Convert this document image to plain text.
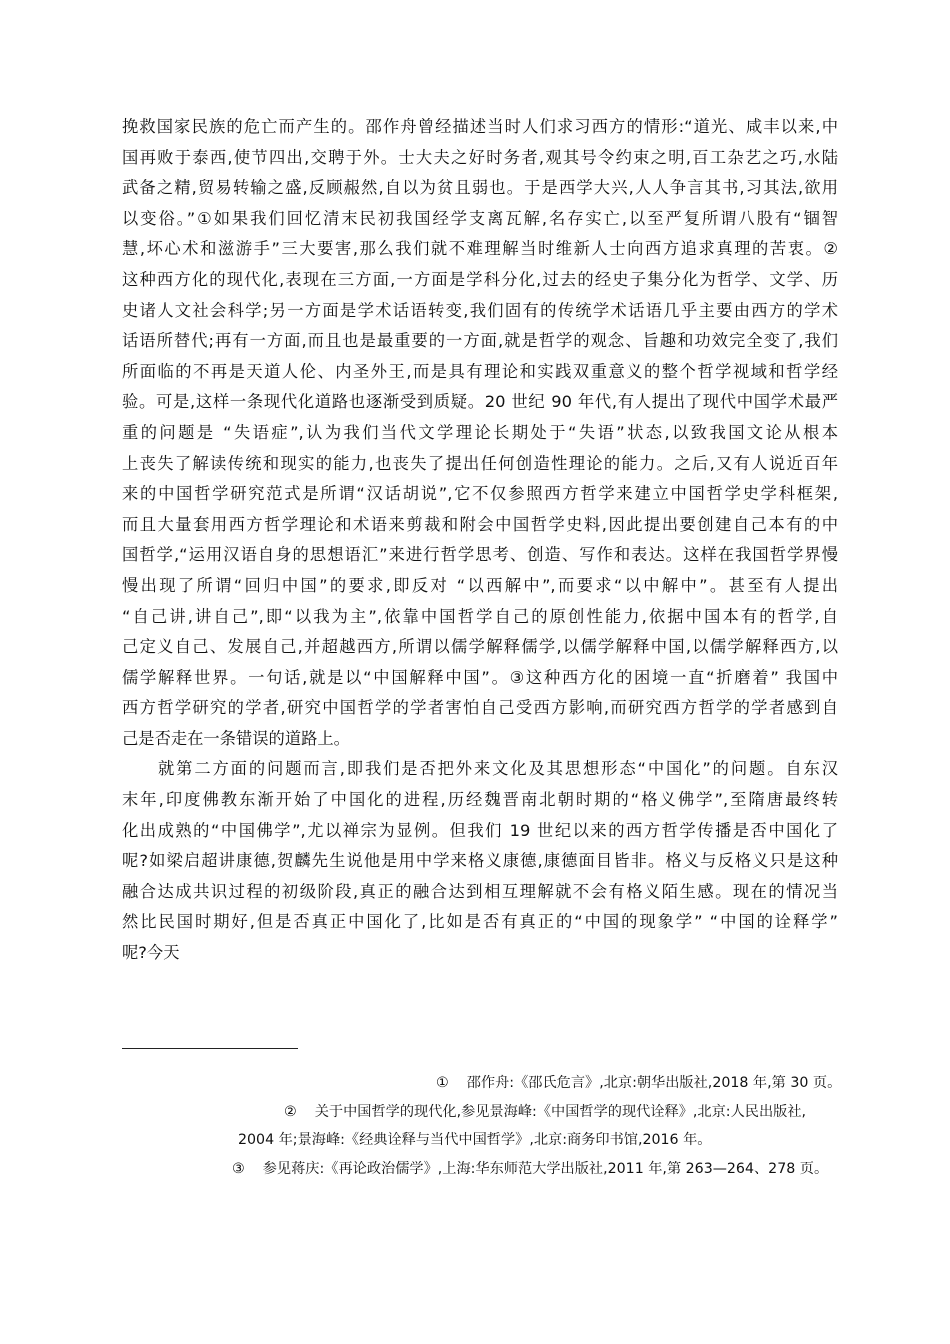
挽救国家民族的危亡而产生的。邵作舟曾经描述当时人们求习西方的情形:“道光、咸丰以来,中
国再败于泰西,使节四出,交聘于外。士大夫之好时务者,观其号令约束之明,百工杂艺之巧,水陆
武备之精,贸易转输之盛,反顾赧然,自以为贫且弱也。于是西学大兴,人人争言其书,习其法,欲用
以变俗。”①如果我们回忆清末民初我国经学支离瓦解,名存实亡,以至严复所谓八股有“锢智
慧,坏心术和滋游手”三大要害,那么我们就不难理解当时维新人士向西方追求真理的苦衷。②
这种西方化的现代化,表现在三方面,一方面是学科分化,过去的经史子集分化为哲学、文学、历
史诸人文社会科学;另一方面是学术话语转变,我们固有的传统学术话语几乎主要由西方的学术
话语所替代;再有一方面,而且也是最重要的一方面,就是哲学的观念、旨趣和功效完全变了,我们
所面临的不再是天道人伦、内圣外王,而是具有理论和实践双重意义的整个哲学视域和哲学经
验。可是,这样一条现代化道路也逐渐受到质疑。20 世纪 90 年代,有人提出了现代中国学术最严
重的问题是 “失语症”,认为我们当代文学理论长期处于“失语”状态,以致我国文论从根本
上丧失了解读传统和现实的能力,也丧失了提出任何创造性理论的能力。之后,又有人说近百年
来的中国哲学研究范式是所谓“汉话胡说”,它不仅参照西方哲学来建立中国哲学史学科框架,
而且大量套用西方哲学理论和术语来剪裁和附会中国哲学史料,因此提出要创建自己本有的中
国哲学,“运用汉语自身的思想语汇”来进行哲学思考、创造、写作和表达。这样在我国哲学界慢
慢出现了所谓“回归中国”的要求,即反对 “以西解中”,而要求“以中解中”。甚至有人提出
“自己讲,讲自己”,即“以我为主”,依靠中国哲学自己的原创性能力,依据中国本有的哲学,自
己定义自己、发展自己,并超越西方,所谓以儒学解释儒学,以儒学解释中国,以儒学解释西方,以
儒学解释世界。一句话,就是以“中国解释中国”。③这种西方化的困境一直“折磨着” 我国中
西方哲学研究的学者,研究中国哲学的学者害怕自己受西方影响,而研究西方哲学的学者感到自
己是否走在一条错误的道路上。

就第二方面的问题而言,即我们是否把外来文化及其思想形态“中国化”的问题。自东汉
末年,印度佛教东渐开始了中国化的进程,历经魏晋南北朝时期的“格义佛学”,至隋唐最终转
化出成熟的“中国佛学”,尤以禅宗为显例。但我们 19 世纪以来的西方哲学传播是否中国化了
呢?如梁启超讲康德,贺麟先生说他是用中学来格义康德,康德面目皆非。格义与反格义只是这种
融合达成共识过程的初级阶段,真正的融合达到相互理解就不会有格义陌生感。现在的情况当
然比民国时期好,但是否真正中国化了,比如是否有真正的“中国的现象学” “中国的诠释学”
呢?今天

① 邵作舟:《邵氏危言》,北京:朝华出版社,2018 年,第 30 页。
② 关于中国哲学的现代化,参见景海峰:《中国哲学的现代诠释》,北京:人民出版社,
2004 年;景海峰:《经典诠释与当代中国哲学》,北京:商务印书馆,2016 年。
③ 参见蒋庆:《再论政治儒学》,上海:华东师范大学出版社,2011 年,第 263—264、278 页。
